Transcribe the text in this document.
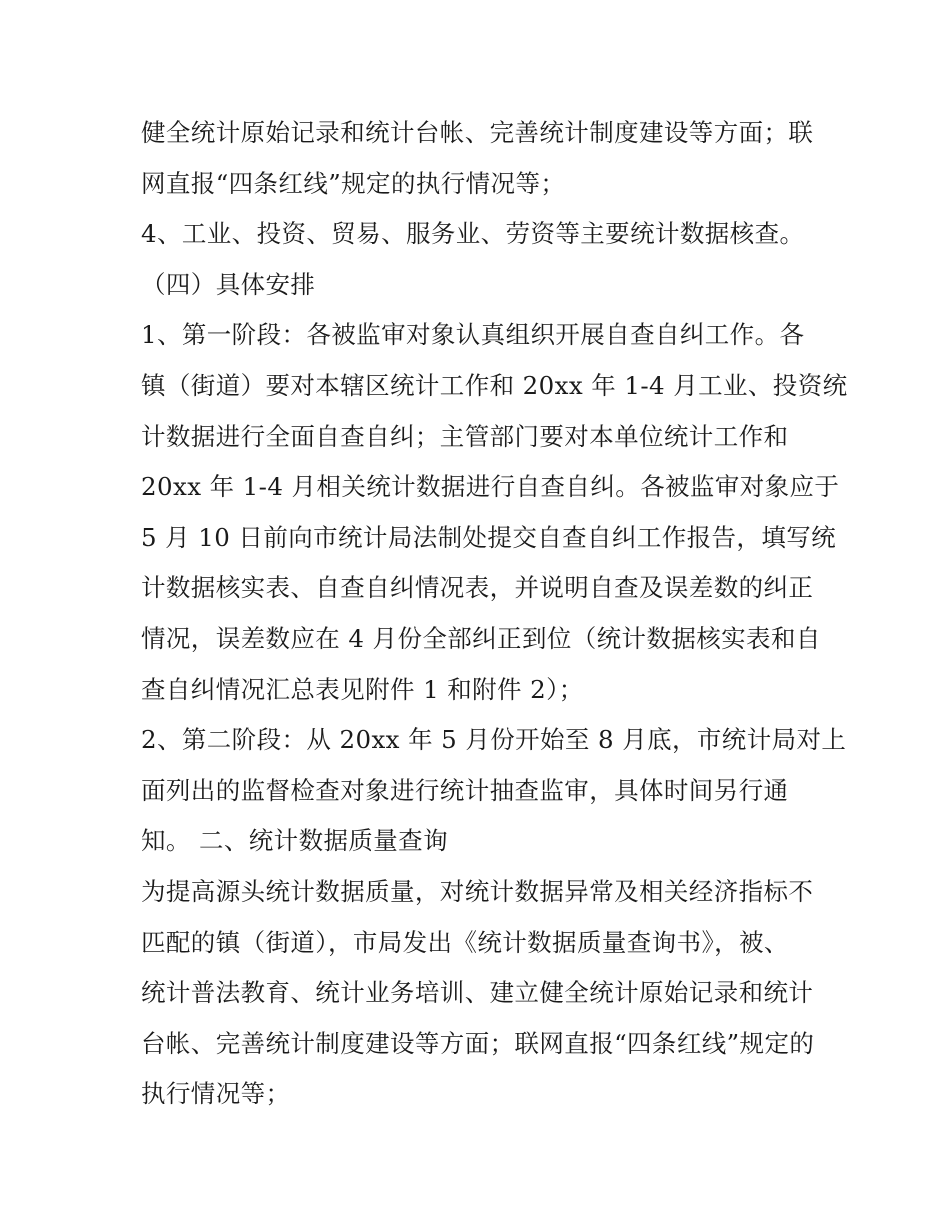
健全统计原始记录和统计台帐、完善统计制度建设等方面；联
网直报“四条红线”规定的执行情况等；
4、工业、投资、贸易、服务业、劳资等主要统计数据核查。
（四）具体安排
1、第一阶段：各被监审对象认真组织开展自查自纠工作。各
镇（街道）要对本辖区统计工作和 20xx 年 1-4 月工业、投资统
计数据进行全面自查自纠；主管部门要对本单位统计工作和
20xx 年 1-4 月相关统计数据进行自查自纠。各被监审对象应于
5 月 10 日前向市统计局法制处提交自查自纠工作报告，填写统
计数据核实表、自查自纠情况表，并说明自查及误差数的纠正
情况，误差数应在 4 月份全部纠正到位（统计数据核实表和自
查自纠情况汇总表见附件 1 和附件 2）；
2、第二阶段：从 20xx 年 5 月份开始至 8 月底，市统计局对上
面列出的监督检查对象进行统计抽查监审，具体时间另行通
知。 二、统计数据质量查询
为提高源头统计数据质量，对统计数据异常及相关经济指标不
匹配的镇（街道），市局发出《统计数据质量查询书》，被、
统计普法教育、统计业务培训、建立健全统计原始记录和统计
台帐、完善统计制度建设等方面；联网直报“四条红线”规定的
执行情况等；
